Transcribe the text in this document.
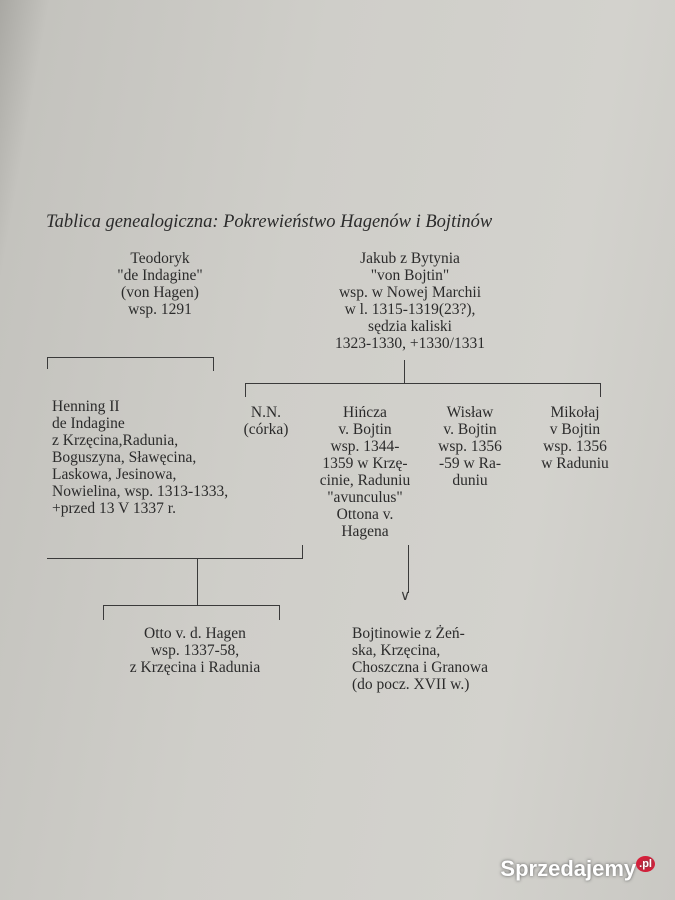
Tablica genealogiczna: Pokrewieństwo Hagenów i Bojtinów
Teodoryk
"de Indagine"
(von Hagen)
wsp. 1291
Jakub z Bytynia
"von Bojtin"
wsp. w Nowej Marchii
w l. 1315-1319(23?),
sędzia kaliski
1323-1330, +1330/1331
Henning II
de Indagine
z Krzęcina,Radunia,
Boguszyna, Sławęcina,
Laskowa, Jesinowa,
Nowielina, wsp. 1313-1333,
+przed 13 V 1337 r.
N.N.
(córka)
Hińcza
v. Bojtin
wsp. 1344-
1359 w Krzę-
cinie, Raduniu
"avunculus"
Ottona v.
Hagena
Wisław
v. Bojtin
wsp. 1356
-59 w Ra-
duniu
Mikołaj
v Bojtin
wsp. 1356
w Raduniu
∨
Otto v. d. Hagen
wsp. 1337-58,
z Krzęcina i Radunia
Bojtinowie z Żeń-
ska, Krzęcina,
Choszczna i Granowa
(do pocz. XVII w.)
Sprzedajemy $^{.pl}$
